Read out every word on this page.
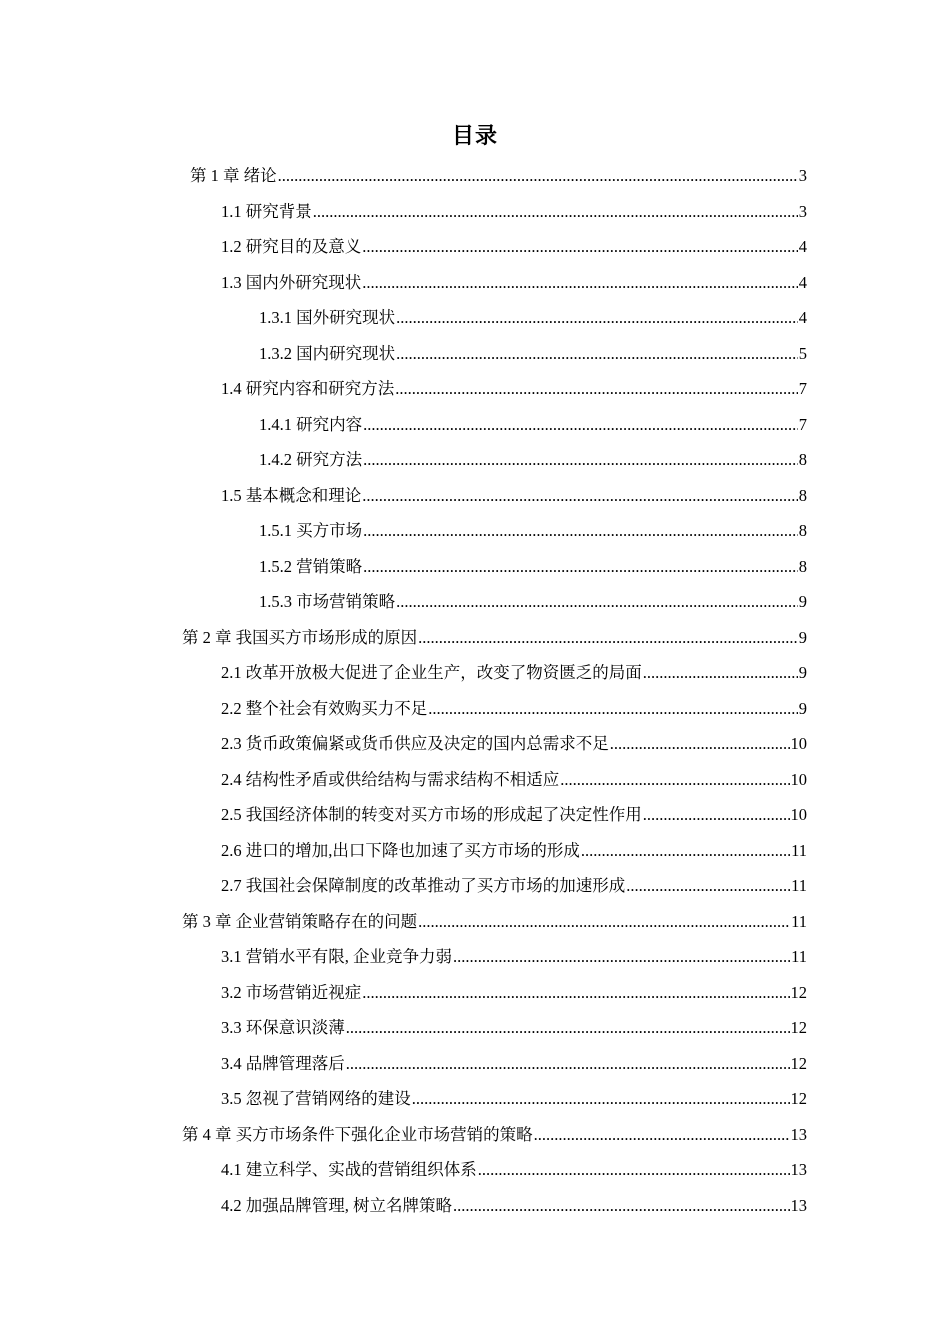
目录
第 1 章 绪论 .....	3
1.1 研究背景 .....	3
1.2 研究目的及意义 .....	4
1.3 国内外研究现状 .....	4
1.3.1 国外研究现状 .....	4
1.3.2 国内研究现状 .....	5
1.4 研究内容和研究方法 .....	7
1.4.1 研究内容 .....	7
1.4.2 研究方法 .....	8
1.5 基本概念和理论 .....	8
1.5.1 买方市场 .....	8
1.5.2 营销策略 .....	8
1.5.3 市场营销策略 .....	9
第 2 章 我国买方市场形成的原因 .....	9
2.1 改革开放极大促进了企业生产，改变了物资匮乏的局面 .....	9
2.2 整个社会有效购买力不足 .....	9
2.3 货币政策偏紧或货币供应及决定的国内总需求不足 .....	10
2.4 结构性矛盾或供给结构与需求结构不相适应 .....	10
2.5 我国经济体制的转变对买方市场的形成起了决定性作用 .....	10
2.6 进口的增加,出口下降也加速了买方市场的形成 .....	11
2.7 我国社会保障制度的改革推动了买方市场的加速形成 .....	11
第 3 章 企业营销策略存在的问题 .....	11
3.1 营销水平有限, 企业竞争力弱 .....	11
3.2 市场营销近视症 .....	12
3.3 环保意识淡薄 .....	12
3.4 品牌管理落后 .....	12
3.5 忽视了营销网络的建设 .....	12
第 4 章 买方市场条件下强化企业市场营销的策略 .....	13
4.1 建立科学、实战的营销组织体系 .....	13
4.2 加强品牌管理, 树立名牌策略 .....	13
